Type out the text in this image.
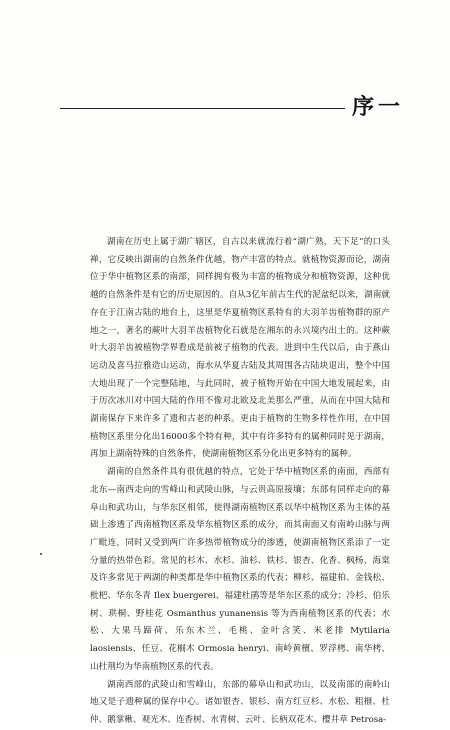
序一

湖南在历史上属于湖广辖区，自古以来就流行着“湖广熟，天下足”的口头禅，它反映出湖南的自然条件优越，物产丰富的特点。就植物资源而论，湖南位于华中植物区系的南部，同样拥有极为丰富的植物成分和植物资源，这种优越的自然条件是有它的历史原因的。自从3亿年前古生代的泥盆纪以来，湖南就存在于江南古陆的地台上，这里是华夏植物区系特有的大羽羊齿植物群的原产地之一，著名的蕨叶大羽羊齿植物化石就是在湘东的永兴境内出土的。这种蕨叶大羽羊齿被植物学界看成是前被子植物的代表。进到中生代以后，由于燕山运动及喜马拉雅造山运动，海水从华夏古陆及其周围各古陆块退出，整个中国大地出现了一个完整陆地，与此同时，被子植物开始在中国大地发展起来，由于历次冰川对中国大陆的作用不像对北欧及北美那么严重，从而在中国大陆和湖南保存下来许多了遗和古老的种系。更由于植物的生物多样性作用，在中国植物区系里分化出16000多个特有种，其中有许多特有的属种同时见于湖南，再加上湖南特殊的自然条件，使湖南植物区系分化出更多特有的属种。

湖南的自然条件具有很优越的特点，它处于华中植物区系的南面，西部有北东—南西走向的雪峰山和武陵山脉，与云贵高原接壤；东部有同样走向的幕阜山和武功山，与华东区相邻，使得湖南植物区系以华中植物区系为主体的基础上渗透了西南植物区系及华东植物区系的成分，而其南面又有南岭山脉与两广毗连，同时又受到两广许多热带植物成分的渗透，使湖南植物区系添了一定分量的热带色彩。常见的杉木、水杉、油杉、铁杉、银杏、化香、枫杨、海棠及许多常见于两湖的种类都是华中植物区系的代表；柳杉、福建柏、金钱松、枇杷、华东冬青 Ilex buergerei、福建杜鹃等是华东区系的成分；冷杉、伯乐树、珙桐、野桂花 Osmanthus yunanensis 等为西南植物区系的代表；水松、大果马蹄荷、乐东木兰、毛桃、金叶含笑、米老排 Mytilaria laosiensis、任豆、花榈木 Ormosia henryi、南岭黄檀、罗浮栲、南华栲、山杜荆均为华南植物区系的代表。

湖南西部的武陵山和雪峰山，东部的幕阜山和武功山，以及南部的南岭山地又是子遗种属的保存中心。诸如银杏、银杉、南方红豆杉、水松、粗榧、杜仲、鹅掌楸、观光木、连香树、水青树、云叶、长柄双花木、樱井草 Petrosa-
